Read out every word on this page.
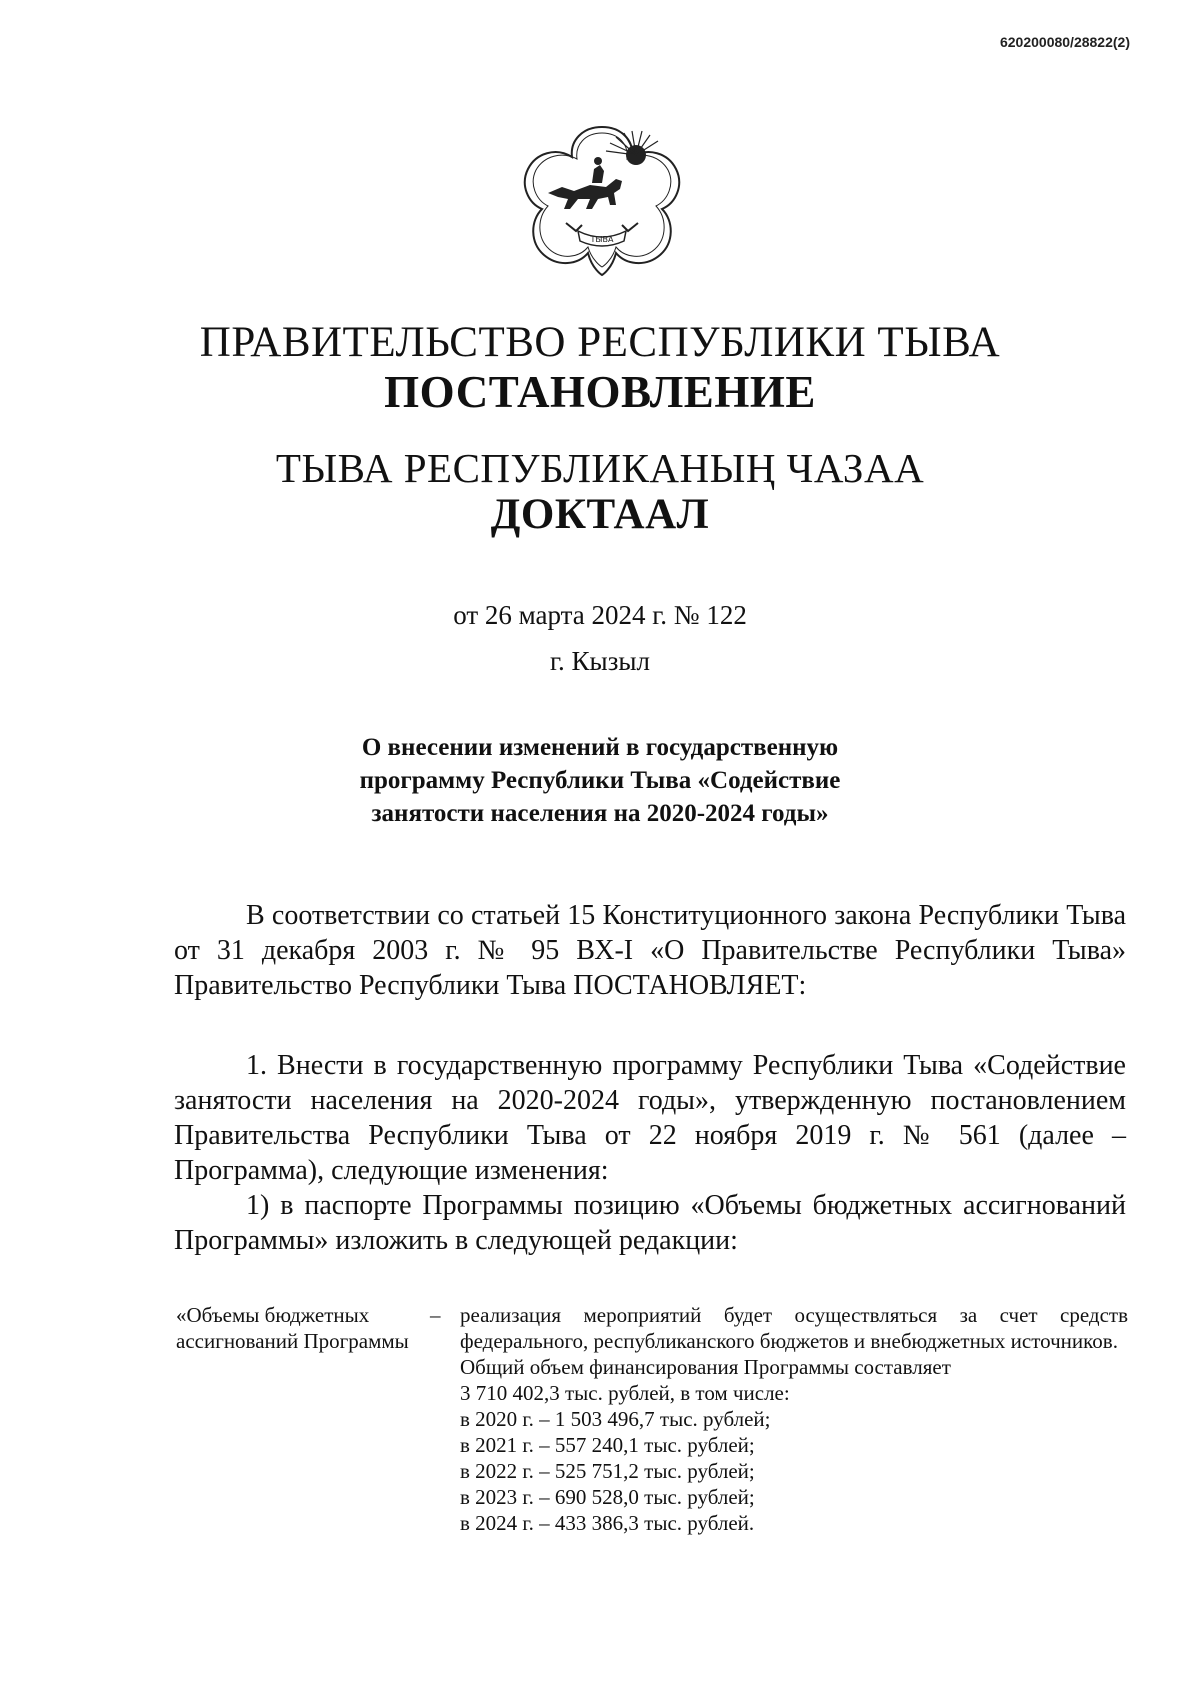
620200080/28822(2)
ТЫВА
ПРАВИТЕЛЬСТВО РЕСПУБЛИКИ ТЫВА
ПОСТАНОВЛЕНИЕ
ТЫВА РЕСПУБЛИКАНЫҢ ЧАЗАА
ДОКТААЛ
от 26 марта 2024 г. № 122
г. Кызыл
О внесении изменений в государственную
программу Республики Тыва «Содействие
занятости населения на 2020-2024 годы»

В соответствии со статьей 15 Конституционного закона Республики Тыва от 31 декабря 2003 г. № 95 ВХ-I «О Правительстве Республики Тыва» Правительство Республики Тыва ПОСТАНОВЛЯЕТ:

1. Внести в государственную программу Республики Тыва «Содействие занятости населения на 2020-2024 годы», утвержденную постановлением Правительства Республики Тыва от 22 ноября 2019 г. № 561 (далее – Программа), следующие изменения:

1) в паспорте Программы позицию «Объемы бюджетных ассигнований Программы» изложить в следующей редакции:

«Объемы бюджетных ассигнований Программы
– реализация мероприятий будет осуществляться за счет средств федерального, республиканского бюджетов и внебюджетных источников.
Общий объем финансирования Программы составляет
3 710 402,3 тыс. рублей, в том числе:
в 2020 г. – 1 503 496,7 тыс. рублей;
в 2021 г. – 557 240,1 тыс. рублей;
в 2022 г. – 525 751,2 тыс. рублей;
в 2023 г. – 690 528,0 тыс. рублей;
в 2024 г. – 433 386,3 тыс. рублей.
